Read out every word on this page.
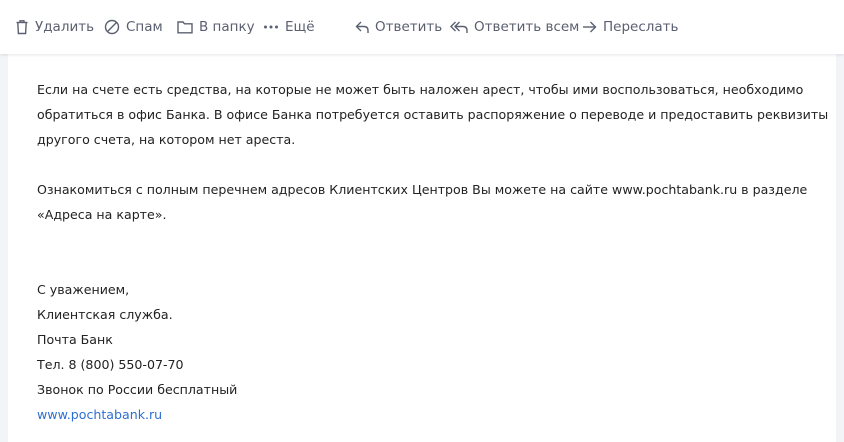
Удалить Спам	В папку Ещё	Ответить Ответить всем Переслать
Если на счете есть средства, на которые не может быть наложен арест, чтобы ими воспользоваться, необходимо
обратиться в офис Банка. В офисе Банка потребуется оставить распоряжение о переводе и предоставить реквизиты
другого счета, на котором нет ареста.
Ознакомиться с полным перечнем адресов Клиентских Центров Вы можете на сайте www.pochtabank.ru в разделе
«Адреса на карте».
С уважением,
Клиентская служба.
Почта Банк
Тел. 8 (800) 550-07-70
Звонок по России бесплатный
www.pochtabank.ru
